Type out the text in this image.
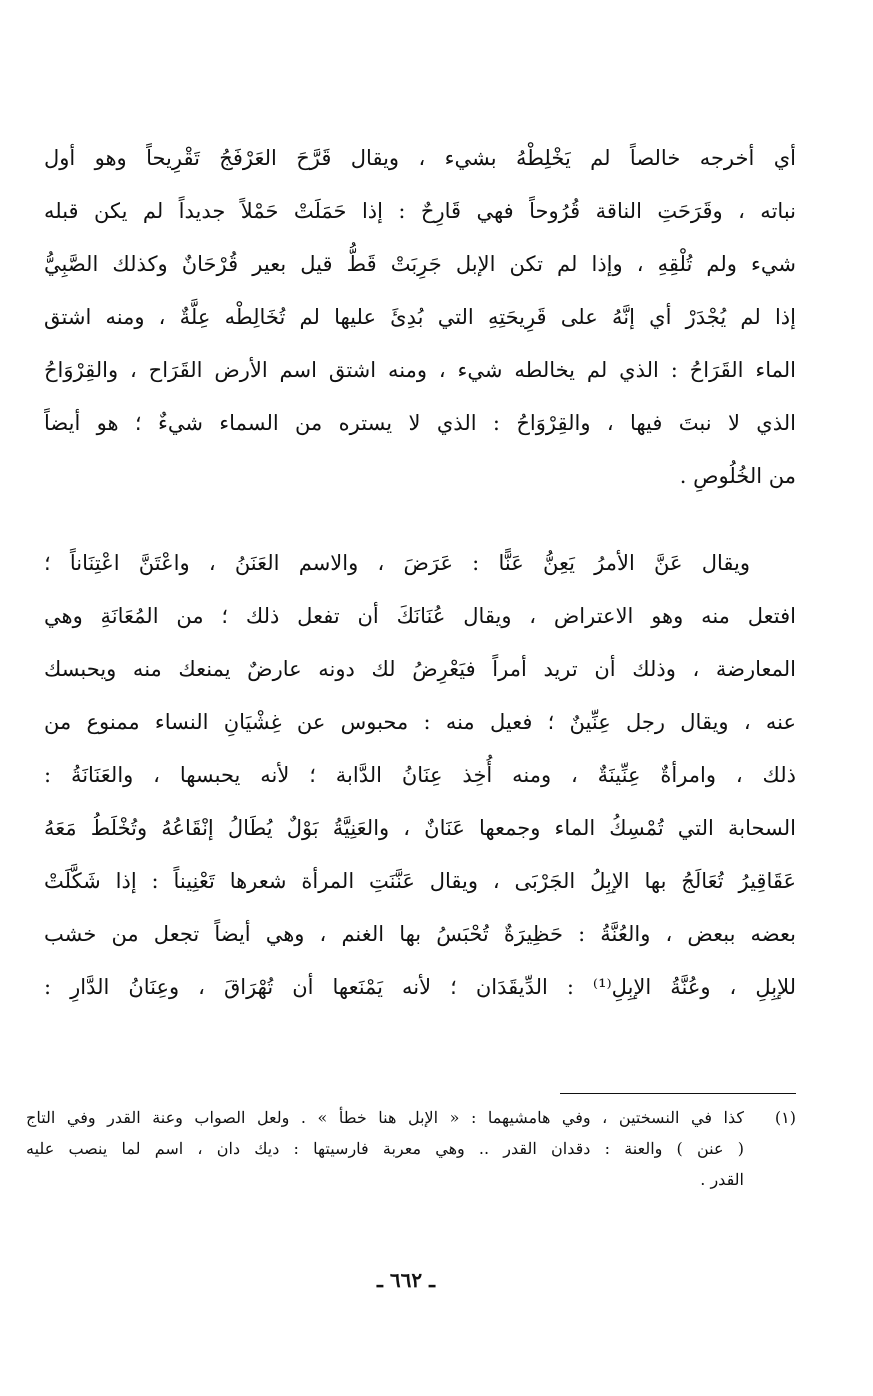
أي أخرجه خالصاً لم يَخْلِطْهُ بشيء ، ويقال قَرَّحَ العَرْفَجُ تَقْرِيحاً وهو أول
نباته ، وقَرَحَتِ الناقة قُرُوحاً فهي قَارِحٌ : إذا حَمَلَتْ حَمْلاً جديداً لم يكن قبله
شيء ولم تُلْقِهِ ، وإذا لم تكن الإبل جَرِبَتْ قَطُّ قيل بعير قُرْحَانٌ وكذلك الصَّبِيُّ
إذا لم يُجْدَرْ أي إنَّهُ على قَرِيحَتِهِ التي بُدِئَ عليها لم تُخَالِطْه عِلَّةٌ ، ومنه اشتق
الماء القَرَاحُ : الذي لم يخالطه شيء ، ومنه اشتق اسم الأرض القَرَاح ، والقِرْوَاحُ
الذي لا نبتَ فيها ، والقِرْوَاحُ : الذي لا يستره من السماء شيءٌ ؛ هو أيضاً
من الخُلُوصِ .
ويقال عَنَّ الأمرُ يَعِنُّ عَنًّا : عَرَضَ ، والاسم العَنَنُ ، واعْتَنَّ اعْتِنَاناً ؛
افتعل منه وهو الاعتراض ، ويقال عُنَانَكَ أن تفعل ذلك ؛ من المُعَانَةِ وهي
المعارضة ، وذلك أن تريد أمراً فيَعْرِضُ لك دونه عارضٌ يمنعك منه ويحبسك
عنه ، ويقال رجل عِنِّينٌ ؛ فعيل منه : محبوس عن غِشْيَانِ النساء ممنوع من
ذلك ، وامرأةٌ عِنِّينَةٌ ، ومنه أُخِذ عِنَانُ الدَّابة ؛ لأنه يحبسها ، والعَنَانَةُ :
السحابة التي تُمْسِكُ الماء وجمعها عَنَانٌ ، والعَنِيَّةُ بَوْلٌ يُطَالُ إنْقَاعُهُ وتُخْلَطُ مَعَهُ
عَقَاقِيرُ تُعَالَجُ بها الإبِلُ الجَرْبَى ، ويقال عَنَّنَتِ المرأة شعرها تَعْنِيناً : إذا شَكَّلَتْ
بعضه ببعض ، والعُنَّةُ : حَظِيرَةٌ تُحْبَسُ بها الغنم ، وهي أيضاً تجعل من خشب
للإبِلِ ، وعُنَّةُ الإبِلِ⁽¹⁾ : الدِّيقَدَان ؛ لأنه يَمْنَعها أن تُهْرَاقَ ، وعِنَانُ الدَّارِ :
(١)كذا في النسختين ، وفي هامشيهما : « الإبل هنا خطأ » . ولعل الصواب وعنة القدر وفي التاج
( عنن ) والعنة : دقدان القدر .. وهي معربة فارسيتها : ديك دان ، اسم لما ينصب عليه
القدر .
ـ ٦٦٢ ـ
